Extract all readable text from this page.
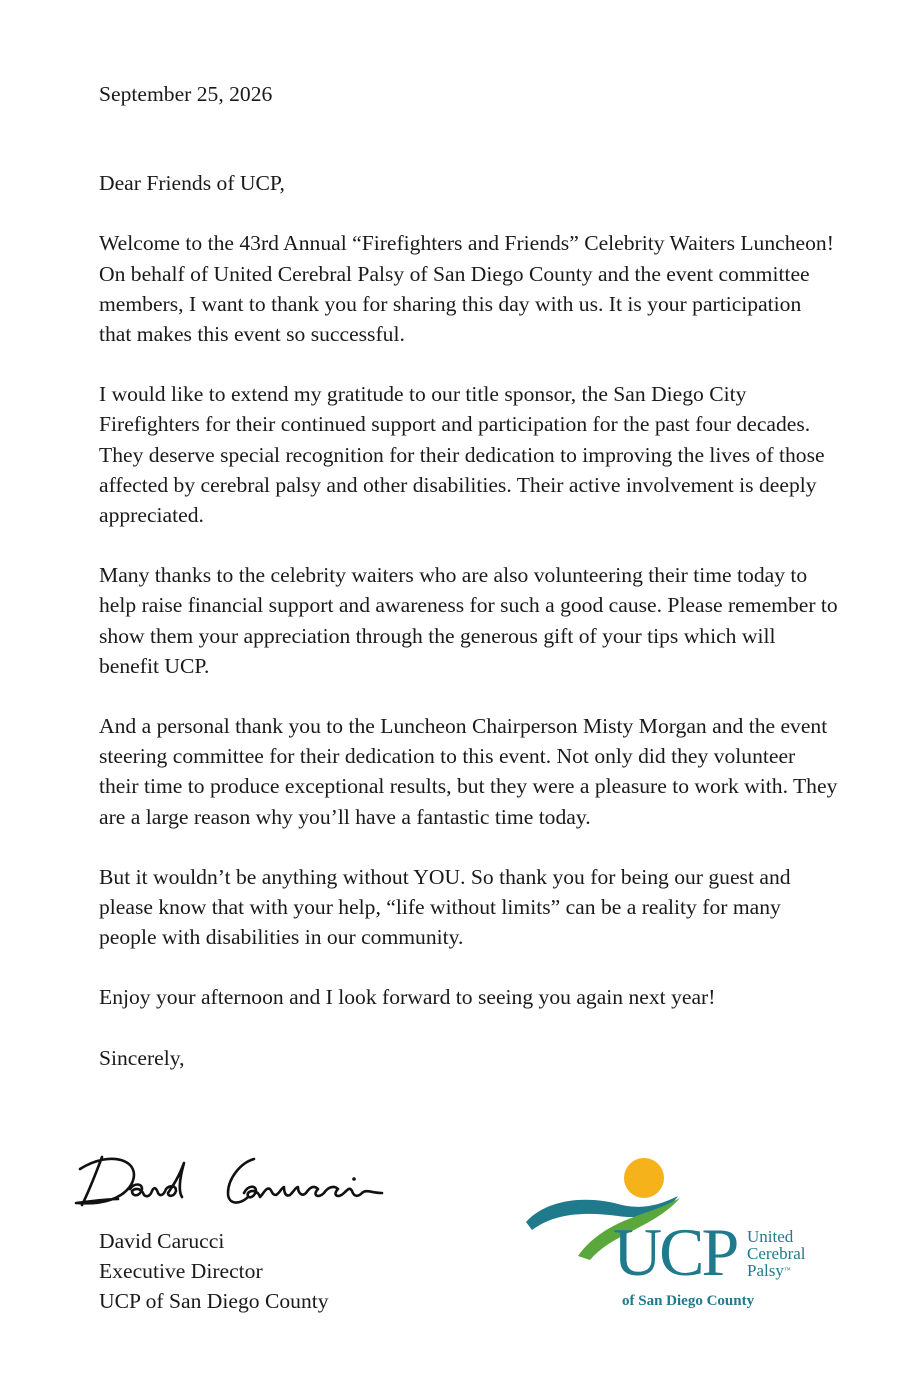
September 25, 2026
Dear Friends of UCP,
Welcome to the 43rd Annual “Firefighters and Friends” Celebrity Waiters Luncheon! On behalf of United Cerebral Palsy of San Diego County and the event committee members, I want to thank you for sharing this day with us. It is your participation that makes this event so successful.
I would like to extend my gratitude to our title sponsor, the San Diego City Firefighters for their continued support and participation for the past four decades. They deserve special recognition for their dedication to improving the lives of those affected by cerebral palsy and other disabilities. Their active involvement is deeply appreciated.
Many thanks to the celebrity waiters who are also volunteering their time today to help raise financial support and awareness for such a good cause. Please remember to show them your appreciation through the generous gift of your tips which will benefit UCP.
And a personal thank you to the Luncheon Chairperson Misty Morgan and the event steering committee for their dedication to this event. Not only did they volunteer their time to produce exceptional results, but they were a pleasure to work with. They are a large reason why you’ll have a fantastic time today.
But it wouldn’t be anything without YOU. So thank you for being our guest and please know that with your help, “life without limits” can be a reality for many people with disabilities in our community.
Enjoy your afternoon and I look forward to seeing you again next year!
Sincerely,
David Carucci
Executive Director
UCP of San Diego County
UCP United
Cerebral
Palsy™
of San Diego County
